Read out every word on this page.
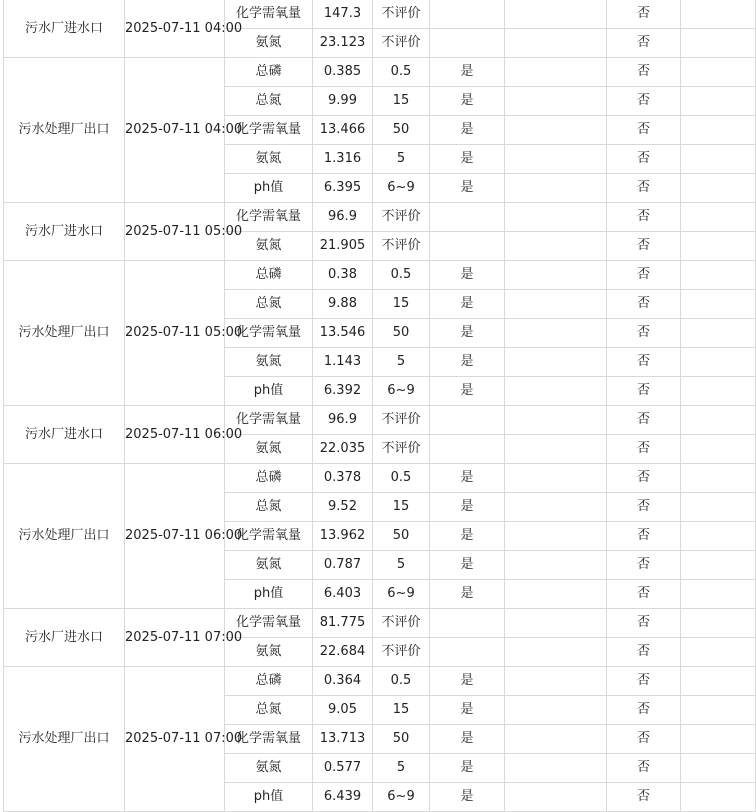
污水厂进水口	2025-07-11 04:00	化学需氧量	147.3	不评价			否	
		氨氮	23.123	不评价			否	
污水处理厂出口	2025-07-11 04:00	总磷	0.385	0.5	是		否	
		总氮	9.99	15	是		否	
		化学需氧量	13.466	50	是		否	
		氨氮	1.316	5	是		否	
		ph值	6.395	6~9	是		否	
污水厂进水口	2025-07-11 05:00	化学需氧量	96.9	不评价			否	
		氨氮	21.905	不评价			否	
污水处理厂出口	2025-07-11 05:00	总磷	0.38	0.5	是		否	
		总氮	9.88	15	是		否	
		化学需氧量	13.546	50	是		否	
		氨氮	1.143	5	是		否	
		ph值	6.392	6~9	是		否	
污水厂进水口	2025-07-11 06:00	化学需氧量	96.9	不评价			否	
		氨氮	22.035	不评价			否	
污水处理厂出口	2025-07-11 06:00	总磷	0.378	0.5	是		否	
		总氮	9.52	15	是		否	
		化学需氧量	13.962	50	是		否	
		氨氮	0.787	5	是		否	
		ph值	6.403	6~9	是		否	
污水厂进水口	2025-07-11 07:00	化学需氧量	81.775	不评价			否	
		氨氮	22.684	不评价			否	
污水处理厂出口	2025-07-11 07:00	总磷	0.364	0.5	是		否	
		总氮	9.05	15	是		否	
		化学需氧量	13.713	50	是		否	
		氨氮	0.577	5	是		否	
		ph值	6.439	6~9	是		否	
